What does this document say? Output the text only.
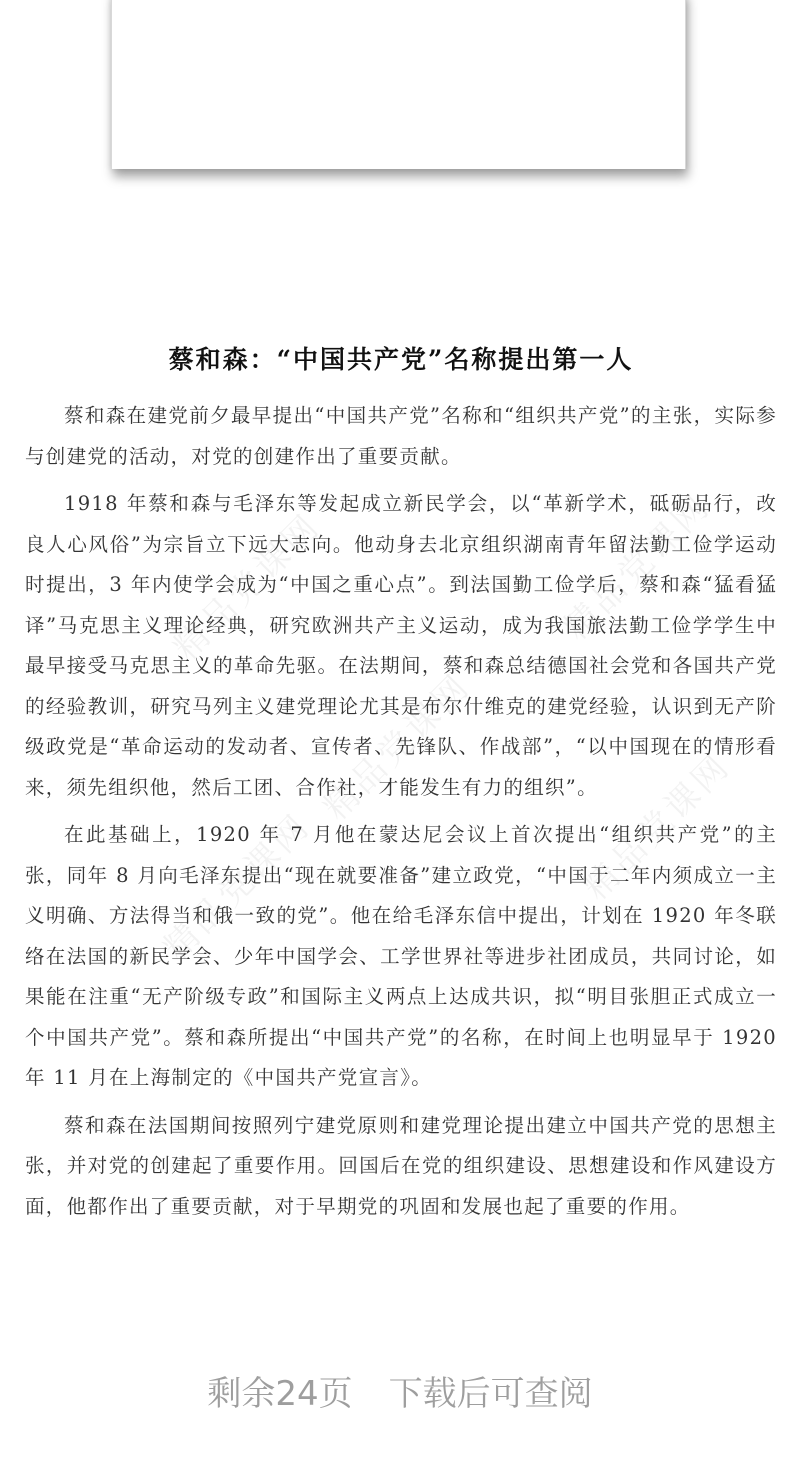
精品党课网	精品党课网
精品党课网
精品党课网	精品党课网
蔡和森：“中国共产党”名称提出第一人

蔡和森在建党前夕最早提出“中国共产党”名称和“组织共产党”的主张，实际参与创建党的活动，对党的创建作出了重要贡献。

1918 年蔡和森与毛泽东等发起成立新民学会，以“革新学术，砥砺品行，改良人心风俗”为宗旨立下远大志向。他动身去北京组织湖南青年留法勤工俭学运动时提出，3 年内使学会成为“中国之重心点”。到法国勤工俭学后，蔡和森“猛看猛译”马克思主义理论经典，研究欧洲共产主义运动，成为我国旅法勤工俭学学生中最早接受马克思主义的革命先驱。在法期间，蔡和森总结德国社会党和各国共产党的经验教训，研究马列主义建党理论尤其是布尔什维克的建党经验，认识到无产阶级政党是“革命运动的发动者、宣传者、先锋队、作战部”，“以中国现在的情形看来，须先组织他，然后工团、合作社，才能发生有力的组织”。

在此基础上，1920 年 7 月他在蒙达尼会议上首次提出“组织共产党”的主张，同年 8 月向毛泽东提出“现在就要准备”建立政党，“中国于二年内须成立一主义明确、方法得当和俄一致的党”。他在给毛泽东信中提出，计划在 1920 年冬联络在法国的新民学会、少年中国学会、工学世界社等进步社团成员，共同讨论，如果能在注重“无产阶级专政”和国际主义两点上达成共识，拟“明目张胆正式成立一个中国共产党”。蔡和森所提出“中国共产党”的名称，在时间上也明显早于 1920 年 11 月在上海制定的《中国共产党宣言》。

蔡和森在法国期间按照列宁建党原则和建党理论提出建立中国共产党的思想主张，并对党的创建起了重要作用。回国后在党的组织建设、思想建设和作风建设方面，他都作出了重要贡献，对于早期党的巩固和发展也起了重要的作用。

剩余24页 下载后可查阅
